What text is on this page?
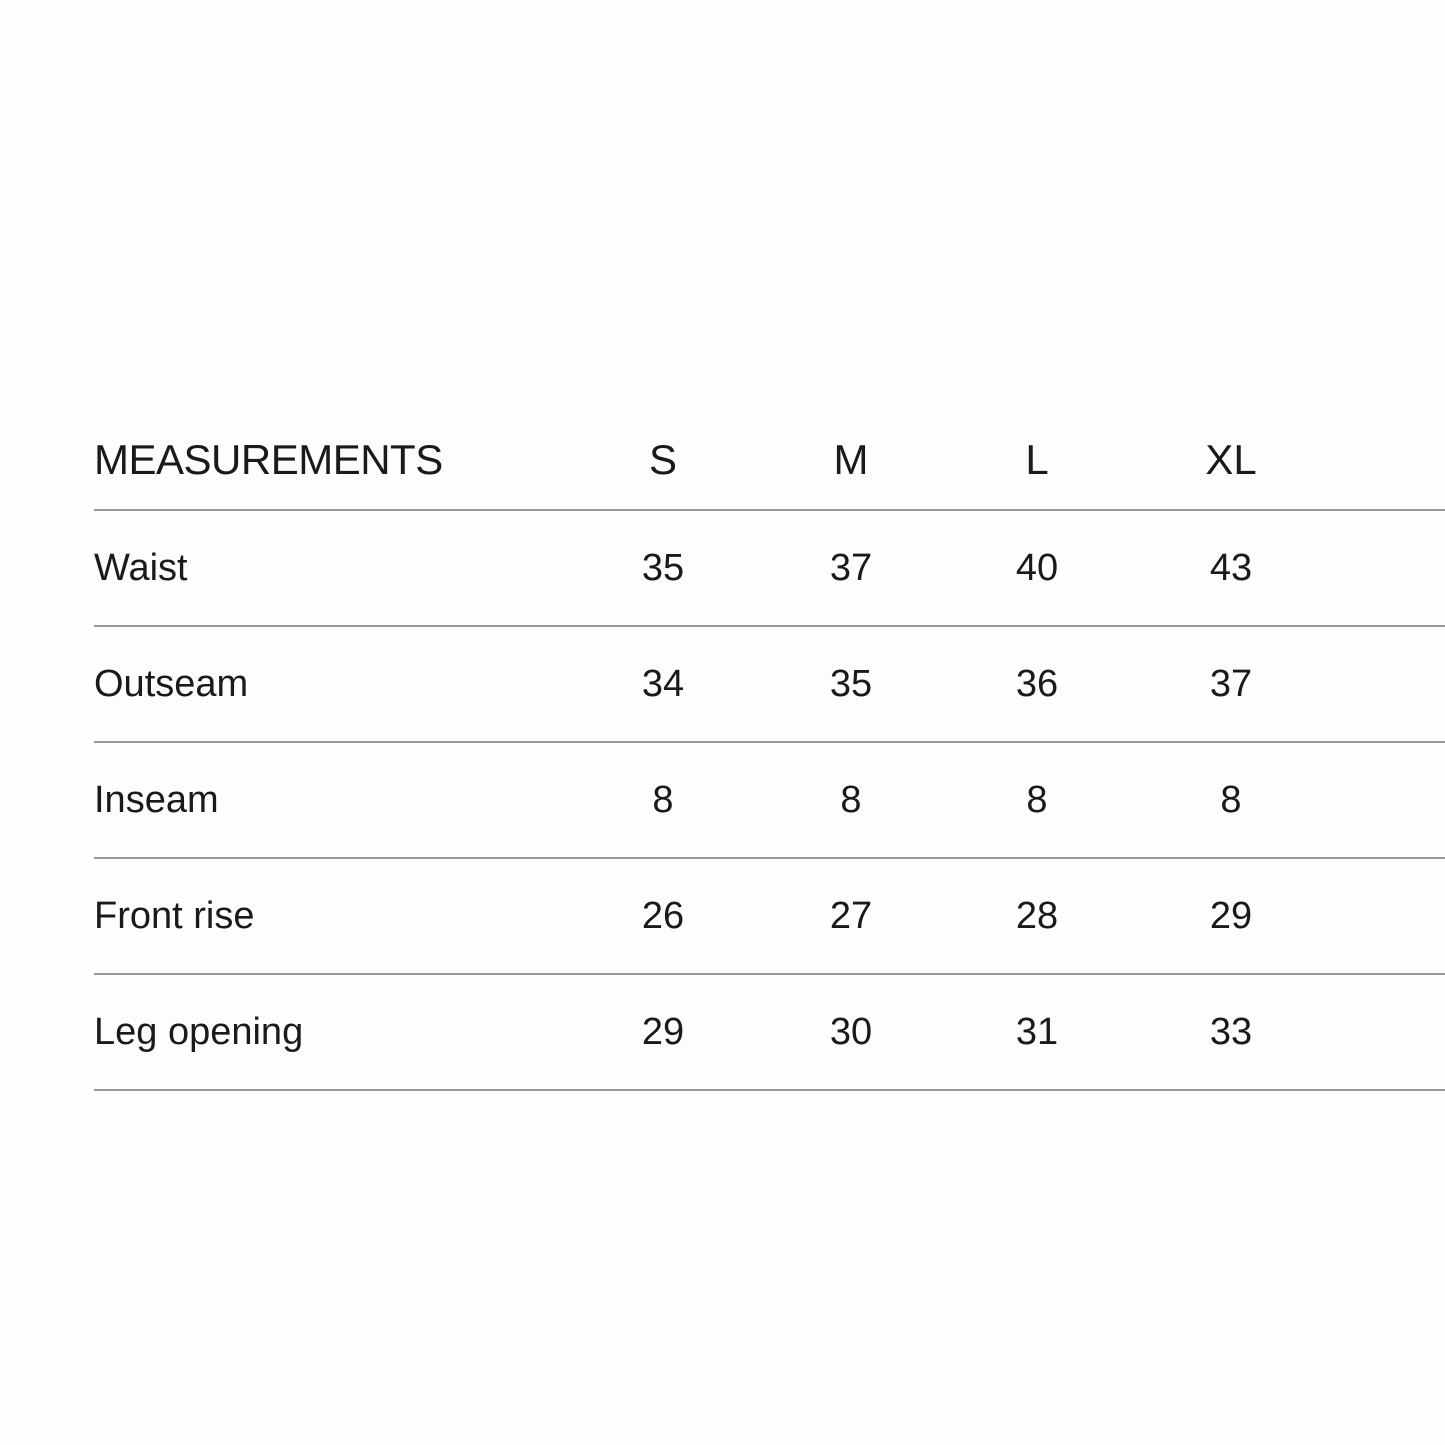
MEASUREMENTS	S	M	L	XL
Waist	35	37	40	43
Outseam	34	35	36	37
Inseam	8	8	8	8
Front rise	26	27	28	29
Leg opening	29	30	31	33
